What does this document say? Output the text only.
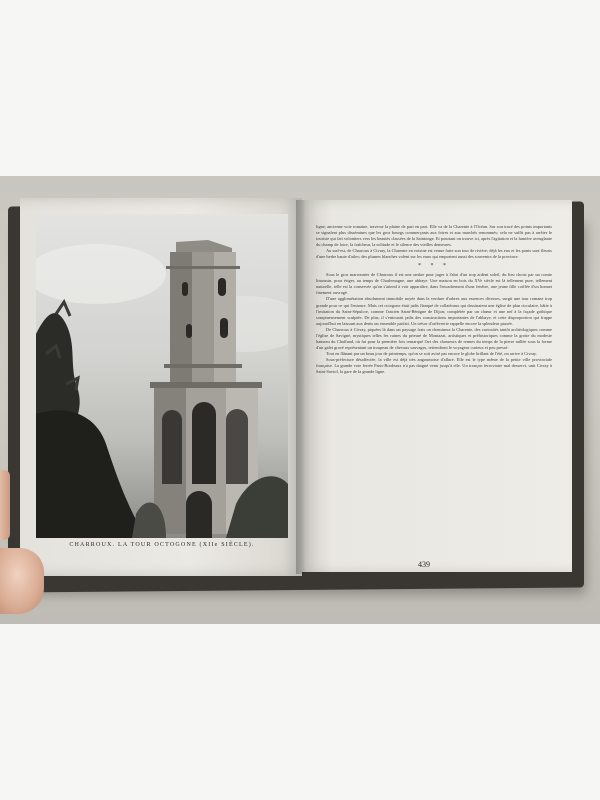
CHARROUX. LA TOUR OCTOGONE (XIIe SIÈCLE).

ligne, ancienne voie romaine, traverse la plaine de part en part. Elle va de la Charente à l'Océan. Sur son tracé des points importants se signalent plus dissémines que les gros bourgs commerçants aux foires et aux marchés renommés; cela ne suffit pas à arrêter le touriste qui fait volontiers vers les beautés classées de la Saintonge. Et pourtant on trouve ici, après l'agitation et la lumière aveuglante du champ de foire, la fraîcheur, la solitude et le silence des vieilles demeures.

Au sud-est, de Charroux à Civray, la Charente en voisine est venue faire son tour de rivière; déjà les eux et les ponts sont fleuris d'une herbe haute d'ailes; des plumes blanches volent sur les eaux qui emportent aussi des souvenirs de la province.

* * *

Sous le gros marronnier de Charroux il est une ombre pour juger à l'abri d'un trop ardent soleil, du lieu choisi par un comte limousin, pour ériger, au temps de Charlemagne, une abbaye. Une maison en bois du XVe siècle est là tellement pure, tellement naturelle, telle est la conservée qu'on s'attend à voir apparaître, dans l'encadrement d'une fenêtre, une jeune fille coiffée d'un bonnet finement ouvragé.

D'une agglomération absolument immobile noyée dans la verdure d'arbres aux essences diverses, surgit une tour romane trop grande pour ce qui l'entoure. Mais cet octogone était jadis flanqué de collatéraux qui dessinaient une église de plan circulaire, bâtie à l'imitation du Saint-Sépulcre, comme l'ancien Saint-Bénigne de Dijon; complétée par un chœur et une nef à la façade gothique somptueusement sculptée. De plus, il s'entourait jadis des constructions importantes de l'abbaye, et cette disproportion qui frappe aujourd'hui en laissant aux dents un ensemble parfait. Un trésor d'orfèvrerie rappelle encore la splendeur passée.

De Charroux à Civray, piquées là dans un paysage frais on cheminera la Charente, des curiosités tantôt archéologiques comme l'église de Savigné, mystiques telles les ruines du prieuré de Montazai, artistiques et préhistoriques comme la grotte du modeste hameau du Chaffaud, où fut pour la première fois remarqué l'art des chasseurs de rennes du temps de la pierre taillée sous la forme d'un galet gravé représentant un troupeau de chevaux sauvages, retiendront le voyageur curieux et peu pressé.

Tout en flânant par un beau jour de printemps, qu'on se soit avisé par encore le globe brillant de l'été, on arrive à Civray.

Sous-préfecture désaffectée, la ville est déjà très angoumoise d'allure. Elle est le type même de la petite ville provinciale française. La grande voie ferrée Paris-Bordeaux n'a pas daigné venir jusqu'à elle. Un tronçon ferroviaire mal desservi, unit Civray à Saint-Saviol, la gare de la grande ligne.

439
